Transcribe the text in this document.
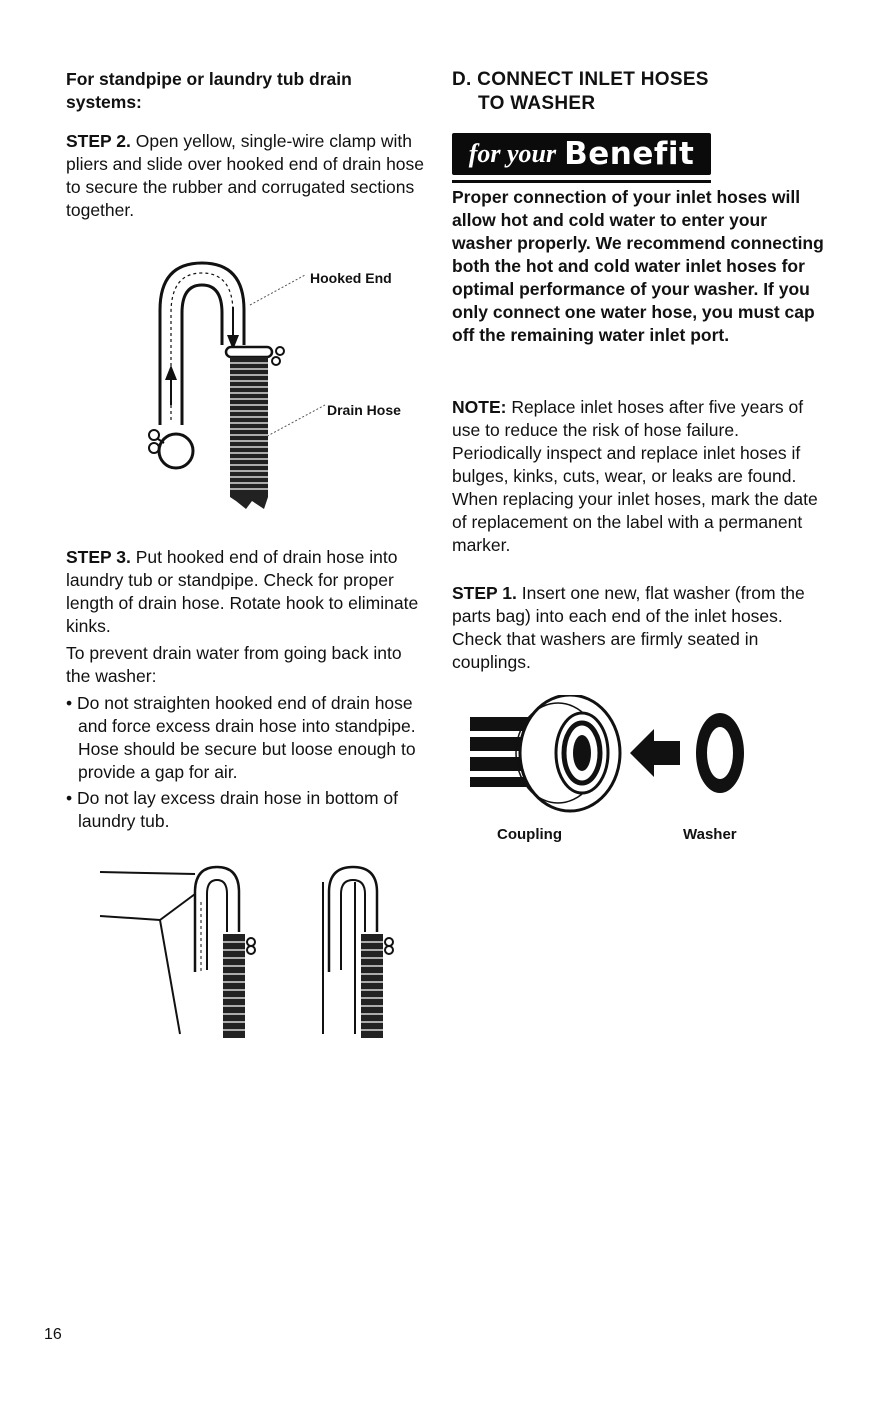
For standpipe or laundry tub drain systems:

STEP 2. Open yellow, single-wire clamp with pliers and slide over hooked end of drain hose to secure the rubber and corrugated sections together.

STEP 3. Put hooked end of drain hose into laundry tub or standpipe. Check for proper length of drain hose. Rotate hook to eliminate kinks.

To prevent drain water from going back into the washer:

• Do not straighten hooked end of drain hose and force excess drain hose into standpipe. Hose should be secure but loose enough to provide a gap for air.

• Do not lay excess drain hose in bottom of laundry tub.

Hooked End
Drain Hose

D. CONNECT INLET HOSES

TO WASHER

Proper connection of your inlet hoses will allow hot and cold water to enter your washer properly. We recommend connecting both the hot and cold water inlet hoses for optimal performance of your washer. If you only connect one water hose, you must cap off the remaining water inlet port.

NOTE: Replace inlet hoses after five years of use to reduce the risk of hose failure. Periodically inspect and replace inlet hoses if bulges, kinks, cuts, wear, or leaks are found. When replacing your inlet hoses, mark the date of replacement on the label with a permanent marker.

STEP 1. Insert one new, flat washer (from the parts bag) into each end of the inlet hoses. Check that washers are firmly seated in couplings.

for your Benefit
Coupling	Washer
16
